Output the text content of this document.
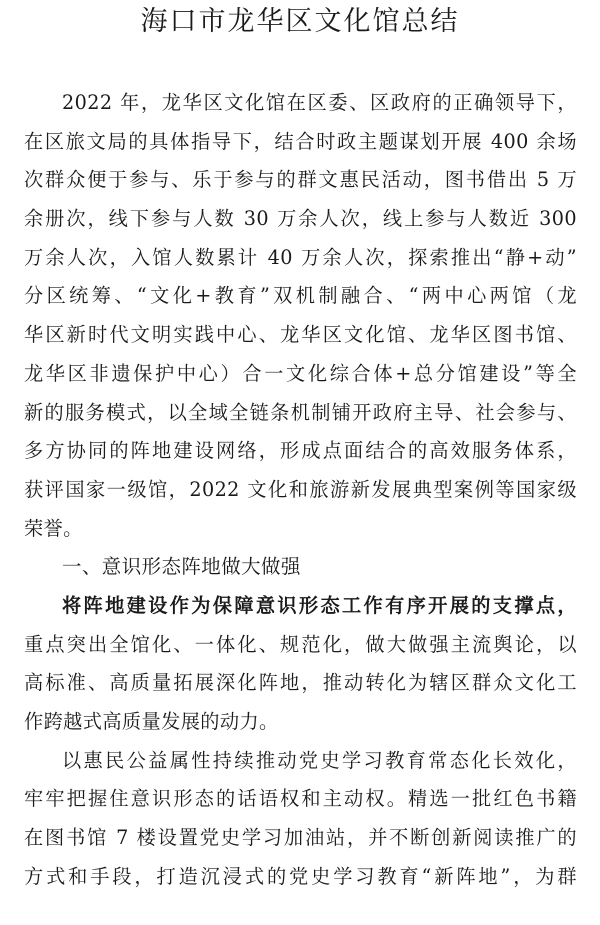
海口市龙华区文化馆总结
2022 年，龙华区文化馆在区委、区政府的正确领导下，
在区旅文局的具体指导下，结合时政主题谋划开展 400 余场
次群众便于参与、乐于参与的群文惠民活动，图书借出 5 万
余册次，线下参与人数 30 万余人次，线上参与人数近 300
万余人次，入馆人数累计 40 万余人次，探索推出“静+动”
分区统筹、“文化+教育”双机制融合、“两中心两馆（龙
华区新时代文明实践中心、龙华区文化馆、龙华区图书馆、
龙华区非遗保护中心）合一文化综合体+总分馆建设”等全
新的服务模式，以全域全链条机制铺开政府主导、社会参与、
多方协同的阵地建设网络，形成点面结合的高效服务体系，
获评国家一级馆，2022 文化和旅游新发展典型案例等国家级
荣誉。
一、意识形态阵地做大做强
将阵地建设作为保障意识形态工作有序开展的支撑点，
重点突出全馆化、一体化、规范化，做大做强主流舆论，以
高标准、高质量拓展深化阵地，推动转化为辖区群众文化工
作跨越式高质量发展的动力。
以惠民公益属性持续推动党史学习教育常态化长效化，
牢牢把握住意识形态的话语权和主动权。精选一批红色书籍
在图书馆 7 楼设置党史学习加油站，并不断创新阅读推广的
方式和手段，打造沉浸式的党史学习教育“新阵地”，为群
